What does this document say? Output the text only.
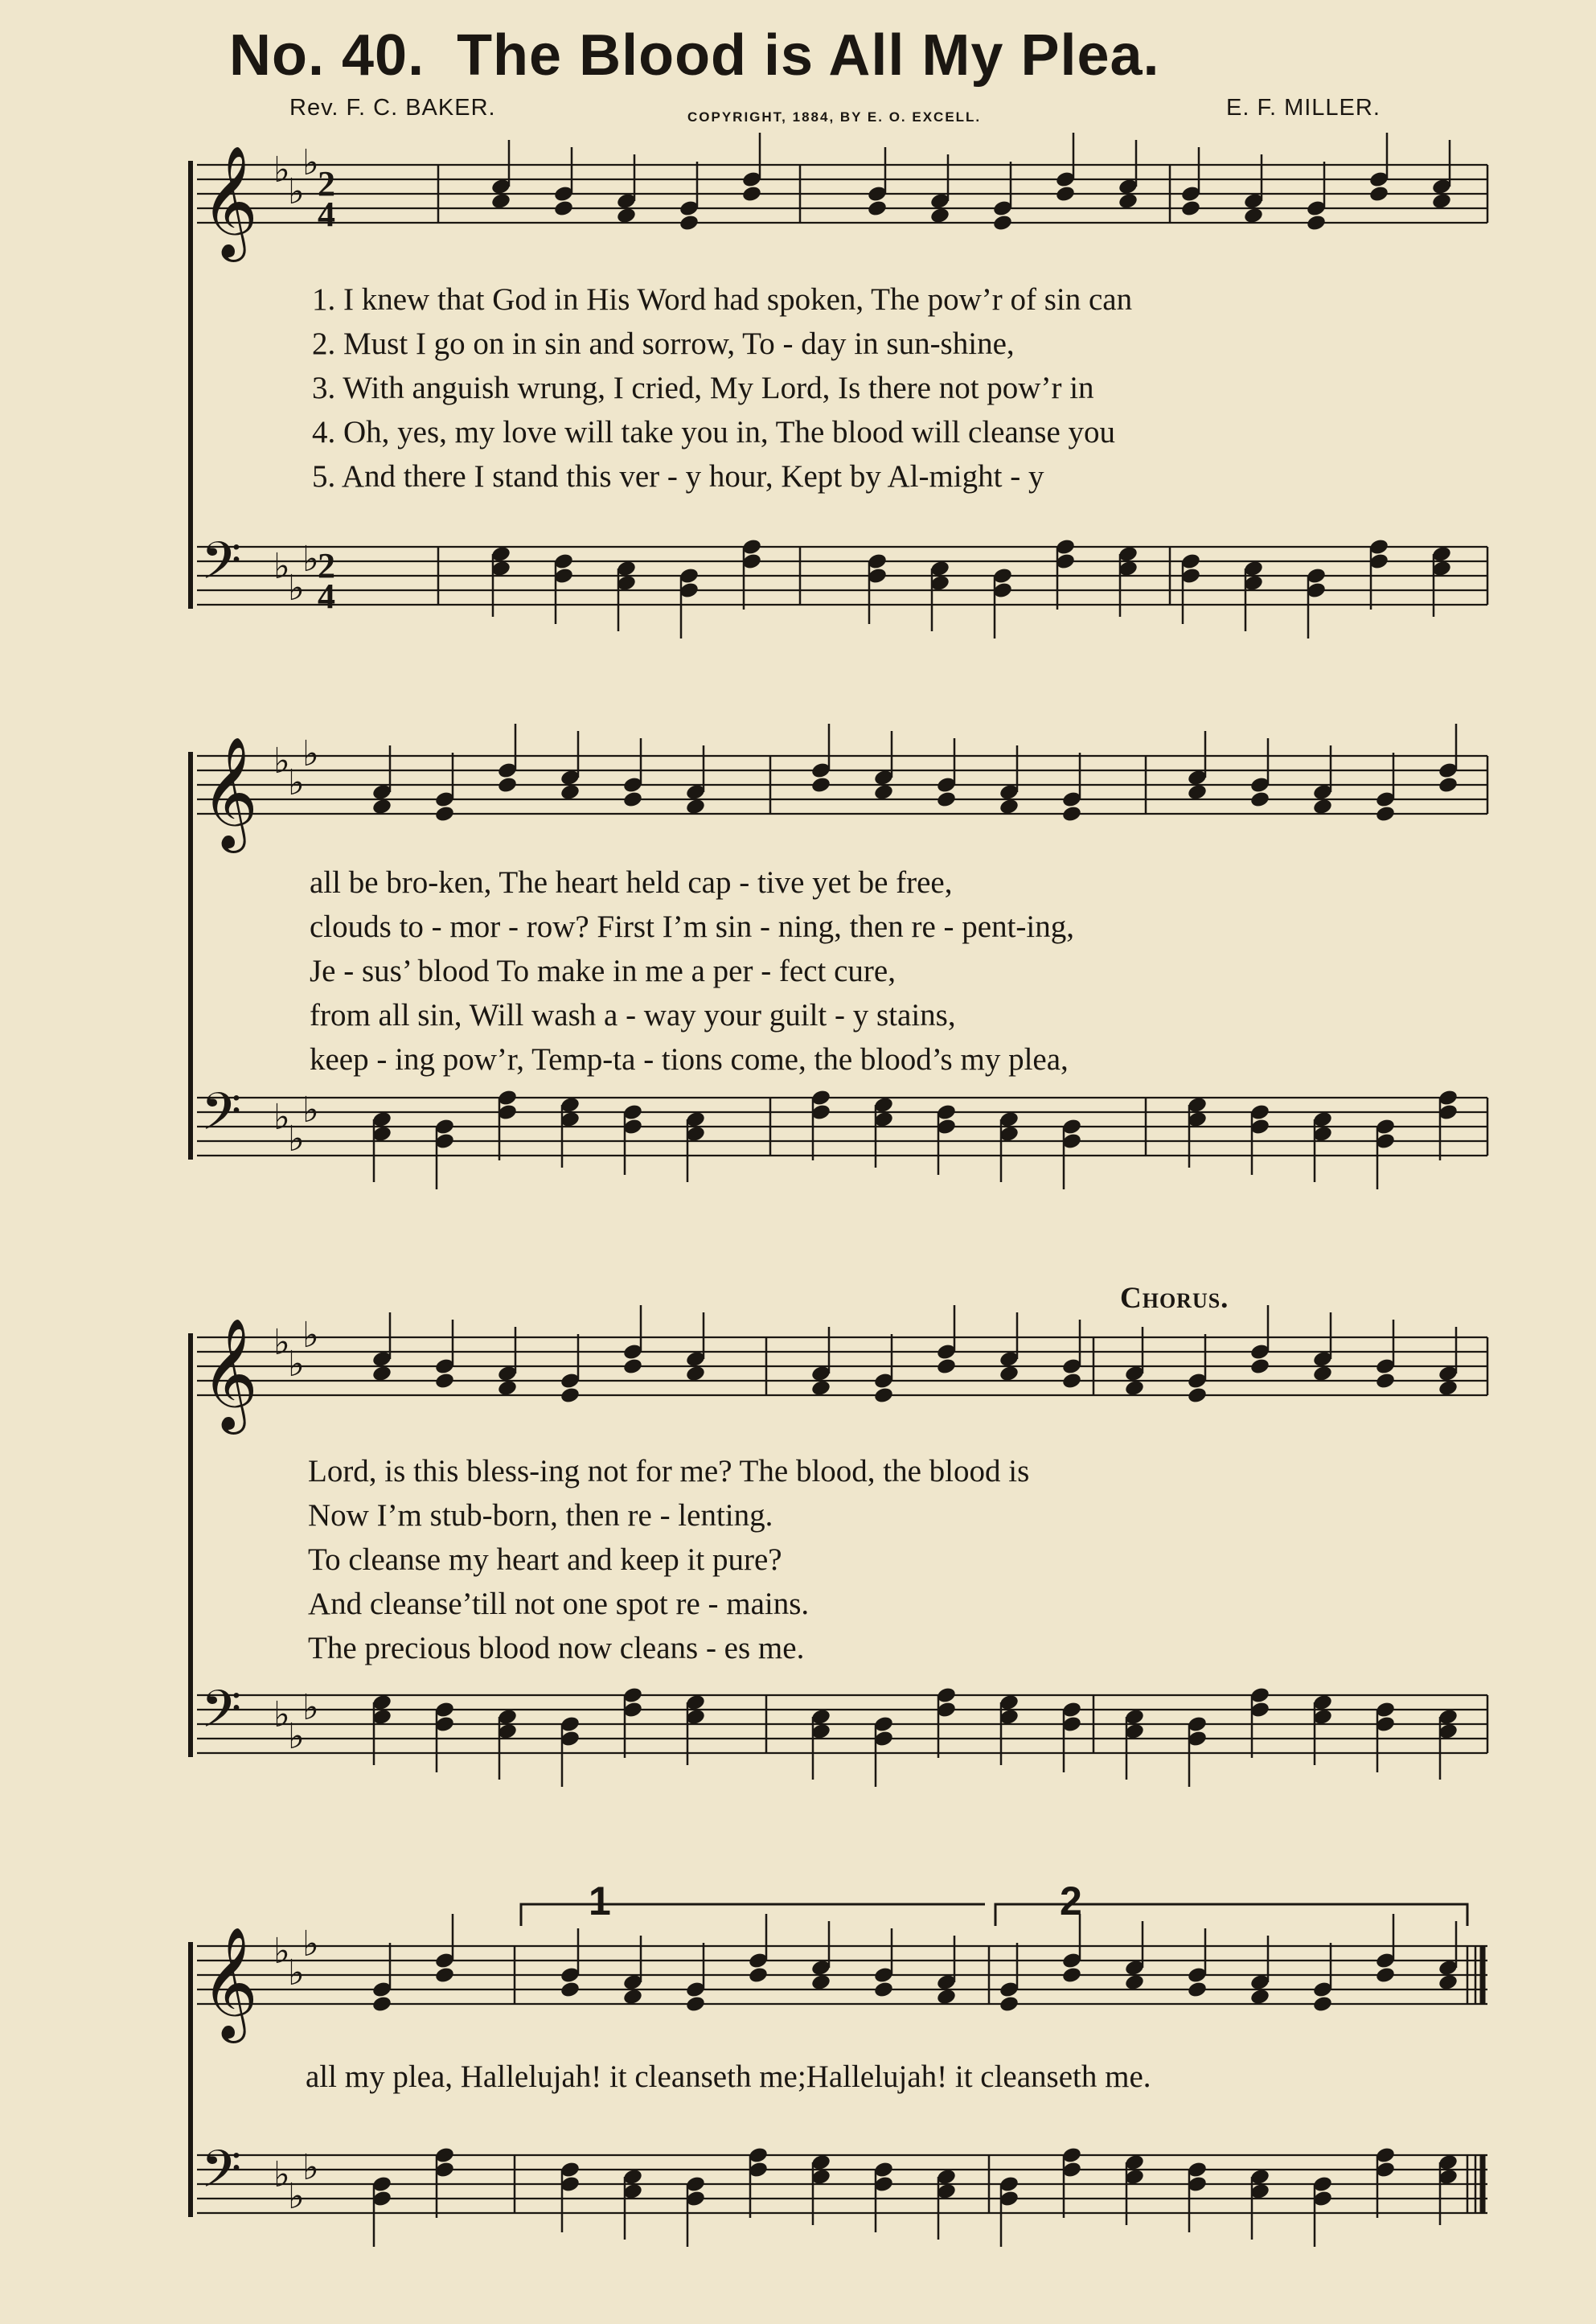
No. 40. The Blood is All My Plea.
Rev. F. C. BAKER.	COPYRIGHT, 1884, BY E. O. EXCELL.	E. F. MILLER.
𝄞 ♭
♭
♭
2
4
𝄢 ♭
♭
♭
2
4
𝄞 ♭
♭
♭
𝄢 ♭
♭
♭
𝄞 ♭
♭
♭
𝄢 ♭
♭
♭
𝄞 ♭
♭
♭
𝄢 ♭
♭
♭
1. I knew that God in His Word had spoken, The pow’r of sin can
2. Must I go on in sin and sorrow, To - day in sun-shine,
3. With anguish wrung, I cried, My Lord, Is there not pow’r in
4. Oh, yes, my love will take you in, The blood will cleanse you
5. And there I stand this ver - y hour, Kept by Al-might - y
all be bro-ken, The heart held cap - tive yet be free,
clouds to - mor - row? First I’m sin - ning, then re - pent-ing,
Je - sus’ blood To make in me a per - fect cure,
from all sin, Will wash a - way your guilt - y stains,
keep - ing pow’r, Temp-ta - tions come, the blood’s my plea,
Chorus.
Lord, is this bless-ing not for me? The blood, the blood is
Now I’m stub-born, then re - lenting.
To cleanse my heart and keep it pure?
And cleanse’till not one spot re - mains.
The precious blood now cleans - es me.
1	2
all my plea, Hallelujah! it cleanseth me;Hallelujah! it cleanseth me.
